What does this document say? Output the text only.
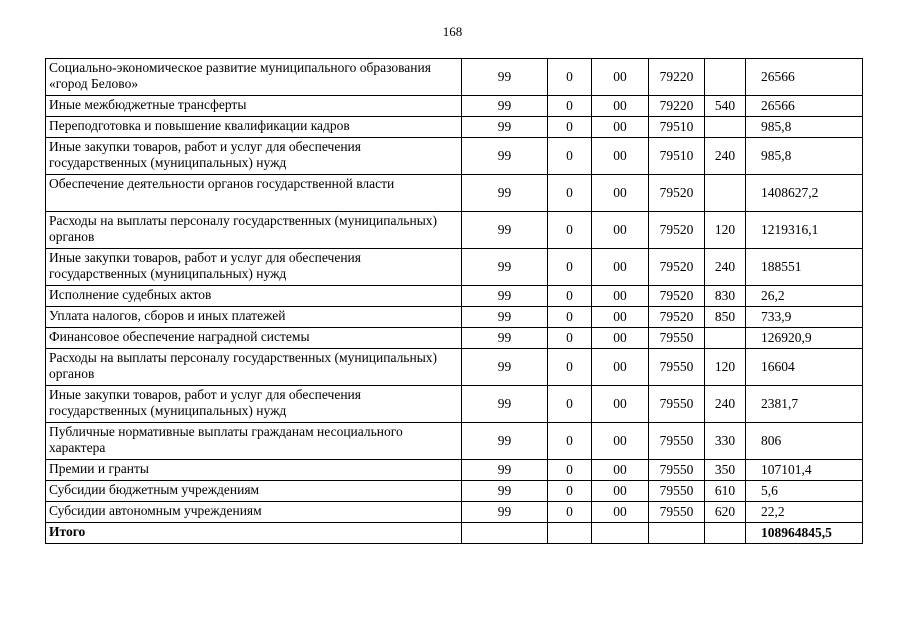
168
Социально-экономическое развитие муниципального образования «город Белово»	99	0	00	79220		26566
Иные межбюджетные трансферты	99	0	00	79220	540	26566
Переподготовка и повышение квалификации кадров	99	0	00	79510		985,8
Иные закупки товаров, работ и услуг для обеспечения государственных (муниципальных) нужд	99	0	00	79510	240	985,8
Обеспечение деятельности органов государственной власти	99	0	00	79520		1408627,2
Расходы на выплаты персоналу государственных (муниципальных) органов	99	0	00	79520	120	1219316,1
Иные закупки товаров, работ и услуг для обеспечения государственных (муниципальных) нужд	99	0	00	79520	240	188551
Исполнение судебных актов	99	0	00	79520	830	26,2
Уплата налогов, сборов и иных платежей	99	0	00	79520	850	733,9
Финансовое обеспечение наградной системы	99	0	00	79550		126920,9
Расходы на выплаты персоналу государственных (муниципальных) органов	99	0	00	79550	120	16604
Иные закупки товаров, работ и услуг для обеспечения государственных (муниципальных) нужд	99	0	00	79550	240	2381,7
Публичные нормативные выплаты гражданам несоциального характера	99	0	00	79550	330	806
Премии и гранты	99	0	00	79550	350	107101,4
Субсидии бюджетным учреждениям	99	0	00	79550	610	5,6
Субсидии автономным учреждениям	99	0	00	79550	620	22,2
Итого						108964845,5
